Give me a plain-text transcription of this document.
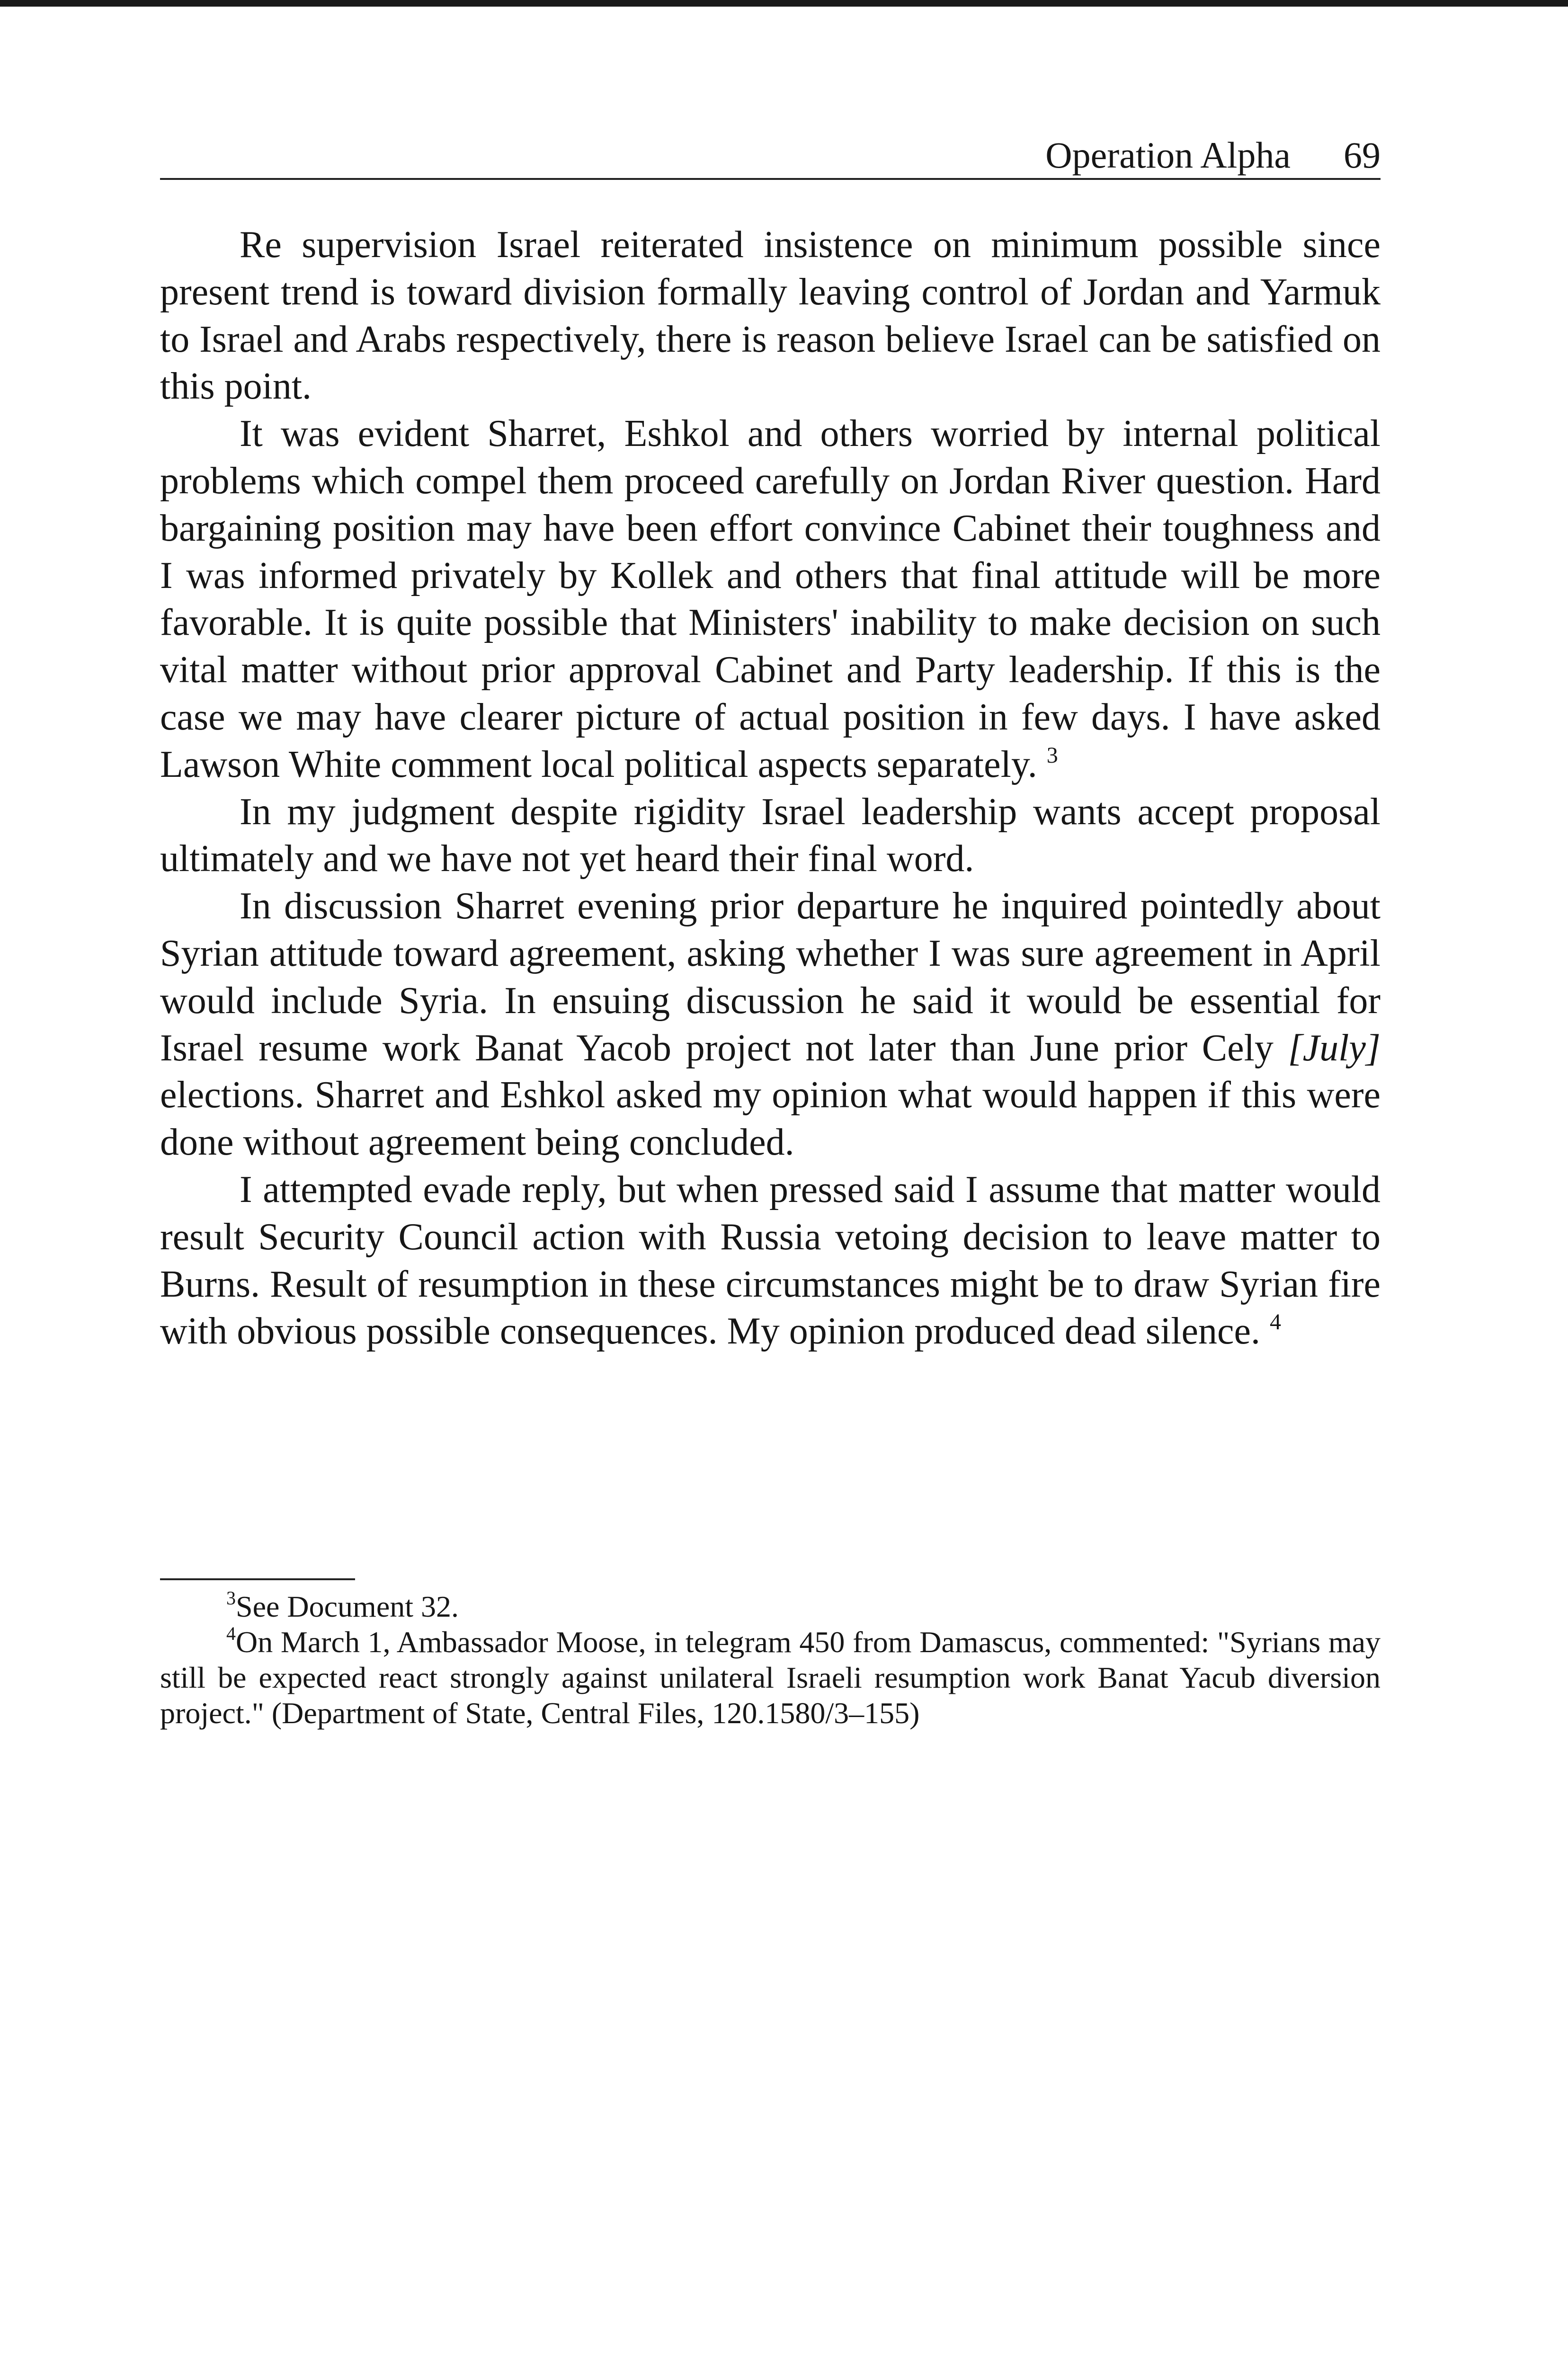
Operation Alpha 69

Re supervision Israel reiterated insistence on minimum possible since present trend is toward division formally leaving control of Jordan and Yarmuk to Israel and Arabs respectively, there is reason believe Israel can be satisfied on this point.

It was evident Sharret, Eshkol and others worried by internal political problems which compel them proceed carefully on Jordan River question. Hard bargaining position may have been effort convince Cabinet their toughness and I was informed privately by Kollek and others that final attitude will be more favorable. It is quite possible that Ministers' inability to make decision on such vital matter without prior approval Cabinet and Party leadership. If this is the case we may have clearer picture of actual position in few days. I have asked Lawson White comment local political aspects separately. $^3$

In my judgment despite rigidity Israel leadership wants accept proposal ultimately and we have not yet heard their final word.

In discussion Sharret evening prior departure he inquired pointedly about Syrian attitude toward agreement, asking whether I was sure agreement in April would include Syria. In ensuing discussion he said it would be essential for Israel resume work Banat Yacob project not later than June prior Cely [July] elections. Sharret and Eshkol asked my opinion what would happen if this were done without agreement being concluded.

I attempted evade reply, but when pressed said I assume that matter would result Security Council action with Russia vetoing decision to leave matter to Burns. Result of resumption in these circumstances might be to draw Syrian fire with obvious possible consequences. My opinion produced dead silence. $^4$

$^3$See Document 32.

$^4$On March 1, Ambassador Moose, in telegram 450 from Damascus, commented: "Syrians may still be expected react strongly against unilateral Israeli resumption work Banat Yacub diversion project." (Department of State, Central Files, 120.1580/3–155)
